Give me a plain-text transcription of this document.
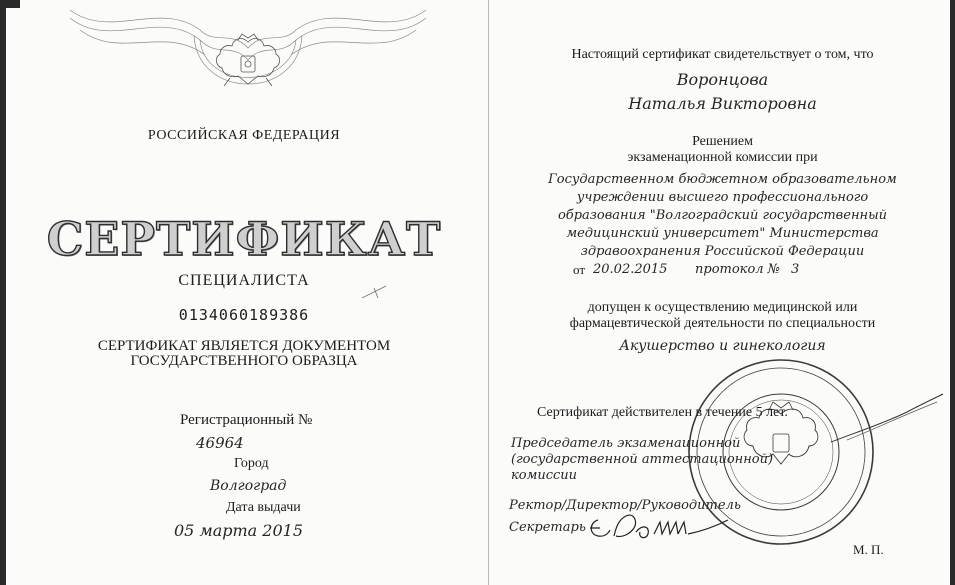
РОССИЙСКАЯ ФЕДЕРАЦИЯ
СЕРТИФИКАТ
СПЕЦИАЛИСТА
0134060189386
СЕРТИФИКАТ ЯВЛЯЕТСЯ ДОКУМЕНТОМ
ГОСУДАРСТВЕННОГО ОБРАЗЦА
Регистрационный №
46964
Город
Волгоград
Дата выдачи
05 марта 2015
Настоящий сертификат свидетельствует о том, что
Воронцова
Наталья Викторовна
Решением
экзаменационной комиссии при
Государственном бюджетном образовательном
учреждении высшего профессионального
образования "Волгоградский государственный
медицинский университет" Министерства
здравоохранения Российской Федерации
от 20.02.2015 протокол № 3
допущен к осуществлению медицинской или
фармацевтической деятельности по специальности
Акушерство и гинекология
Сертификат действителен в течение 5 лет.
Председатель экзаменационной
(государственной аттестационной)
комиссии
Ректор/Директор/Руководитель
Секретарь
М. П.
